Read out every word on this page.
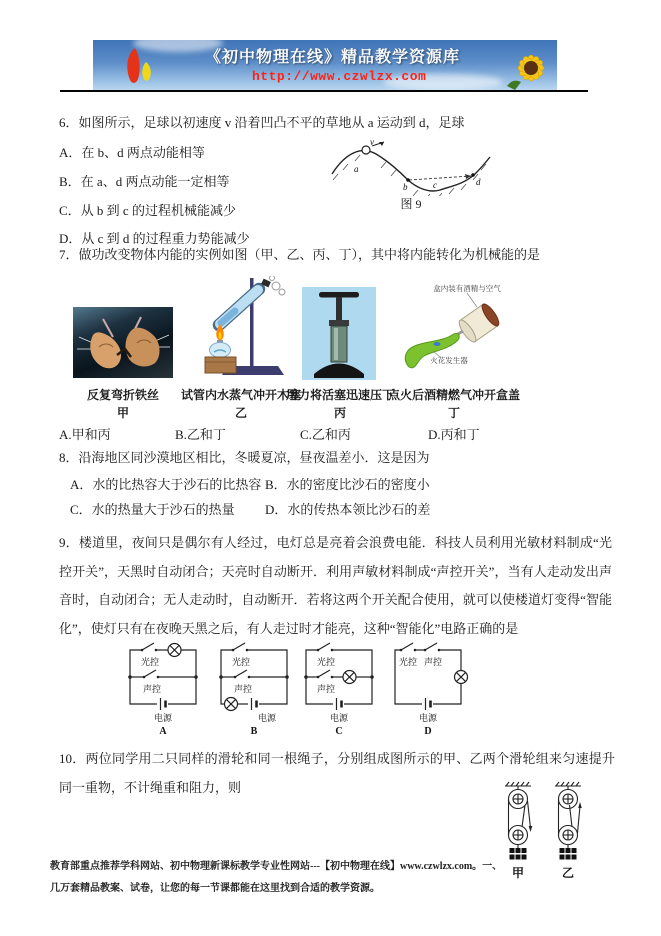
《初中物理在线》精品教学资源库
http://www.czwlzx.com
6．如图所示，足球以初速度 v 沿着凹凸不平的草地从 a 运动到 d，足球
A．在 b、d 两点动能相等
B．在 a、d 两点动能一定相等
C．从 b 到 c 的过程机械能减少
D．从 c 到 d 的过程重力势能减少
v
a
b	c	d
图 9
7．做功改变物体内能的实例如图（甲、乙、丙、丁），其中将内能转化为机械能的是
盒内装有酒精与空气
火花发生器
反复弯折铁丝	试管内水蒸气冲开木塞
用力将活塞迅速压下
点火后酒精燃气冲开盒盖
甲	乙	丙	丁
A.甲和丙	B.乙和丁	C.乙和丙	D.丙和丁
8．沿海地区同沙漠地区相比，冬暖夏凉，昼夜温差小．这是因为
A．水的比热容大于沙石的比热容 B．水的密度比沙石的密度小
C．水的热量大于沙石的热量 D．水的传热本领比沙石的差
9．楼道里，夜间只是偶尔有人经过，电灯总是亮着会浪费电能．科技人员利用光敏材料制成“光控开关”，天黑时自动闭合；天亮时自动断开．利用声敏材料制成“声控开关”，当有人走动发出声音时，自动闭合；无人走动时，自动断开．若将这两个开关配合使用，就可以使楼道灯变得“智能化”，使灯只有在夜晚天黑之后，有人走过时才能亮，这种“智能化”电路正确的是
光控
声控
电源
A
光控
声控
电源
B
光控
声控
电源
C
光控 声控
电源
D
10．两位同学用二只同样的滑轮和同一根绳子，分别组成图所示的甲、乙两个滑轮组来匀速提升同一重物，不计绳重和阻力，则
甲	乙
教育部重点推荐学科网站、初中物理新课标教学专业性网站---【初中物理在线】www.czwlzx.com。一、
几万套精品教案、试卷，让您的每一节课都能在这里找到合适的教学资源。
